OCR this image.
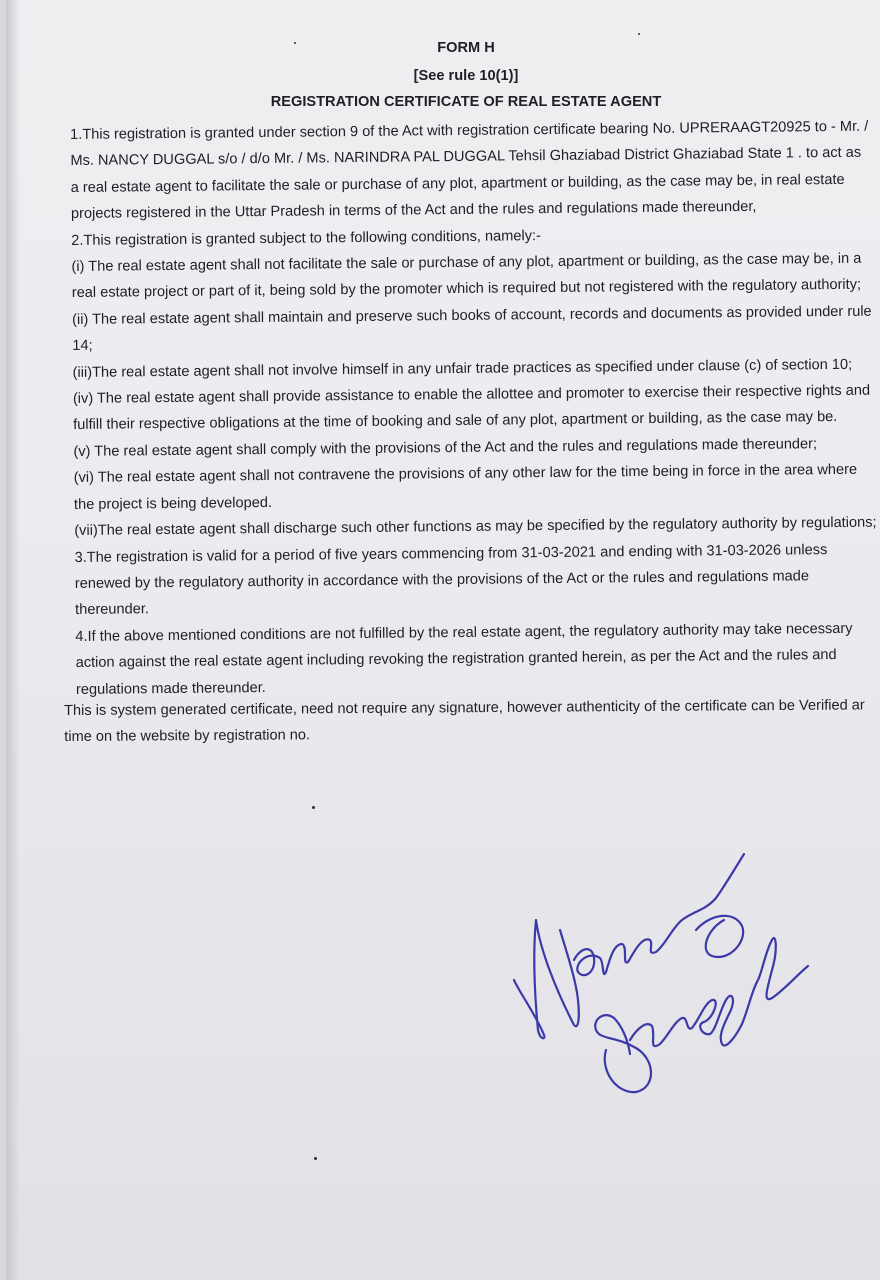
FORM H
[See rule 10(1)]
REGISTRATION CERTIFICATE OF REAL ESTATE AGENT

1.This registration is granted under section 9 of the Act with registration certificate bearing No. UPRERAAGT20925 to - Mr. /

Ms. NANCY DUGGAL s/o / d/o Mr. / Ms. NARINDRA PAL DUGGAL Tehsil Ghaziabad District Ghaziabad State 1 . to act as

a real estate agent to facilitate the sale or purchase of any plot, apartment or building, as the case may be, in real estate

projects registered in the Uttar Pradesh in terms of the Act and the rules and regulations made thereunder,

2.This registration is granted subject to the following conditions, namely:-

(i) The real estate agent shall not facilitate the sale or purchase of any plot, apartment or building, as the case may be, in a

real estate project or part of it, being sold by the promoter which is required but not registered with the regulatory authority;

(ii) The real estate agent shall maintain and preserve such books of account, records and documents as provided under rule

14;

(iii)The real estate agent shall not involve himself in any unfair trade practices as specified under clause (c) of section 10;

(iv) The real estate agent shall provide assistance to enable the allottee and promoter to exercise their respective rights and

fulfill their respective obligations at the time of booking and sale of any plot, apartment or building, as the case may be.

(v) The real estate agent shall comply with the provisions of the Act and the rules and regulations made thereunder;

(vi) The real estate agent shall not contravene the provisions of any other law for the time being in force in the area where

the project is being developed.

(vii)The real estate agent shall discharge such other functions as may be specified by the regulatory authority by regulations;

3.The registration is valid for a period of five years commencing from 31-03-2021 and ending with 31-03-2026 unless

renewed by the regulatory authority in accordance with the provisions of the Act or the rules and regulations made

thereunder.

4.If the above mentioned conditions are not fulfilled by the real estate agent, the regulatory authority may take necessary

action against the real estate agent including revoking the registration granted herein, as per the Act and the rules and

regulations made thereunder.

This is system generated certificate, need not require any signature, however authenticity of the certificate can be Verified ar

time on the website by registration no.
